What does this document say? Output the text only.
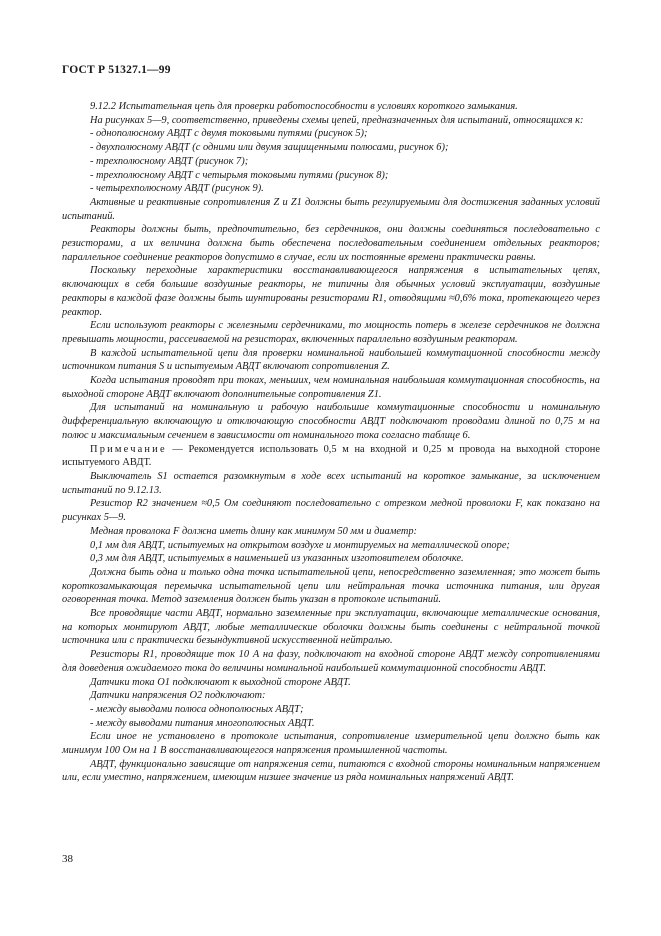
ГОСТ Р 51327.1—99

9.12.2 Испытательная цепь для проверки работоспособности в условиях короткого замыкания.

На рисунках 5—9, соответственно, приведены схемы цепей, предназначенных для испытаний, относящихся к:

- однополюсному АВДТ с двумя токовыми путями (рисунок 5);

- двухполюсному АВДТ (с одними или двумя защищенными полюсами, рисунок 6);

- трехполюсному АВДТ (рисунок 7);

- трехполюсному АВДТ с четырьмя токовыми путями (рисунок 8);

- четырехполюсному АВДТ (рисунок 9).

Активные и реактивные сопротивления Z и Z1 должны быть регулируемыми для достижения заданных условий испытаний.

Реакторы должны быть, предпочтительно, без сердечников, они должны соединяться последовательно с резисторами, а их величина должна быть обеспечена последовательным соединением отдельных реакторов; параллельное соединение реакторов допустимо в случае, если их постоянные времени практически равны.

Поскольку переходные характеристики восстанавливающегося напряжения в испытательных цепях, включающих в себя большие воздушные реакторы, не типичны для обычных условий эксплуатации, воздушные реакторы в каждой фазе должны быть шунтированы резисторами R1, отводящими ≈0,6% тока, протекающего через реактор.

Если используют реакторы с железными сердечниками, то мощность потерь в железе сердечников не должна превышать мощности, рассеиваемой на резисторах, включенных параллельно воздушным реакторам.

В каждой испытательной цепи для проверки номинальной наибольшей коммутационной способности между источником питания S и испытуемым АВДТ включают сопротивления Z.

Когда испытания проводят при токах, меньших, чем номинальная наибольшая коммутационная способность, на выходной стороне АВДТ включают дополнительные сопротивления Z1.

Для испытаний на номинальную и рабочую наибольшие коммутационные способности и номинальную дифференциальную включающую и отключающую способности АВДТ подключают проводами длиной по 0,75 м на полюс и максимальным сечением в зависимости от номинального тока согласно таблице 6.

Примечание — Рекомендуется использовать 0,5 м на входной и 0,25 м провода на выходной стороне испытуемого АВДТ.

Выключатель S1 остается разомкнутым в ходе всех испытаний на короткое замыкание, за исключением испытаний по 9.12.13.

Резистор R2 значением ≈0,5 Ом соединяют последовательно с отрезком медной проволоки F, как показано на рисунках 5—9.

Медная проволока F должна иметь длину как минимум 50 мм и диаметр:

0,1 мм для АВДТ, испытуемых на открытом воздухе и монтируемых на металлической опоре;

0,3 мм для АВДТ, испытуемых в наименьшей из указанных изготовителем оболочке.

Должна быть одна и только одна точка испытательной цепи, непосредственно заземленная; это может быть короткозамыкающая перемычка испытательной цепи или нейтральная точка источника питания, или другая оговоренная точка. Метод заземления должен быть указан в протоколе испытаний.

Все проводящие части АВДТ, нормально заземленные при эксплуатации, включающие металлические основания, на которых монтируют АВДТ, любые металлические оболочки должны быть соединены с нейтральной точкой источника или с практически безындуктивной искусственной нейтралью.

Резисторы R1, проводящие ток 10 А на фазу, подключают на входной стороне АВДТ между сопротивлениями для доведения ожидаемого тока до величины номинальной наибольшей коммутационной способности АВДТ.

Датчики тока O1 подключают к выходной стороне АВДТ.

Датчики напряжения O2 подключают:

- между выводами полюса однополюсных АВДТ;

- между выводами питания многополюсных АВДТ.

Если иное не установлено в протоколе испытания, сопротивление измерительной цепи должно быть как минимум 100 Ом на 1 В восстанавливающегося напряжения промышленной частоты.

АВДТ, функционально зависящие от напряжения сети, питаются с входной стороны номинальным напряжением или, если уместно, напряжением, имеющим низшее значение из ряда номинальных напряжений АВДТ.

38
